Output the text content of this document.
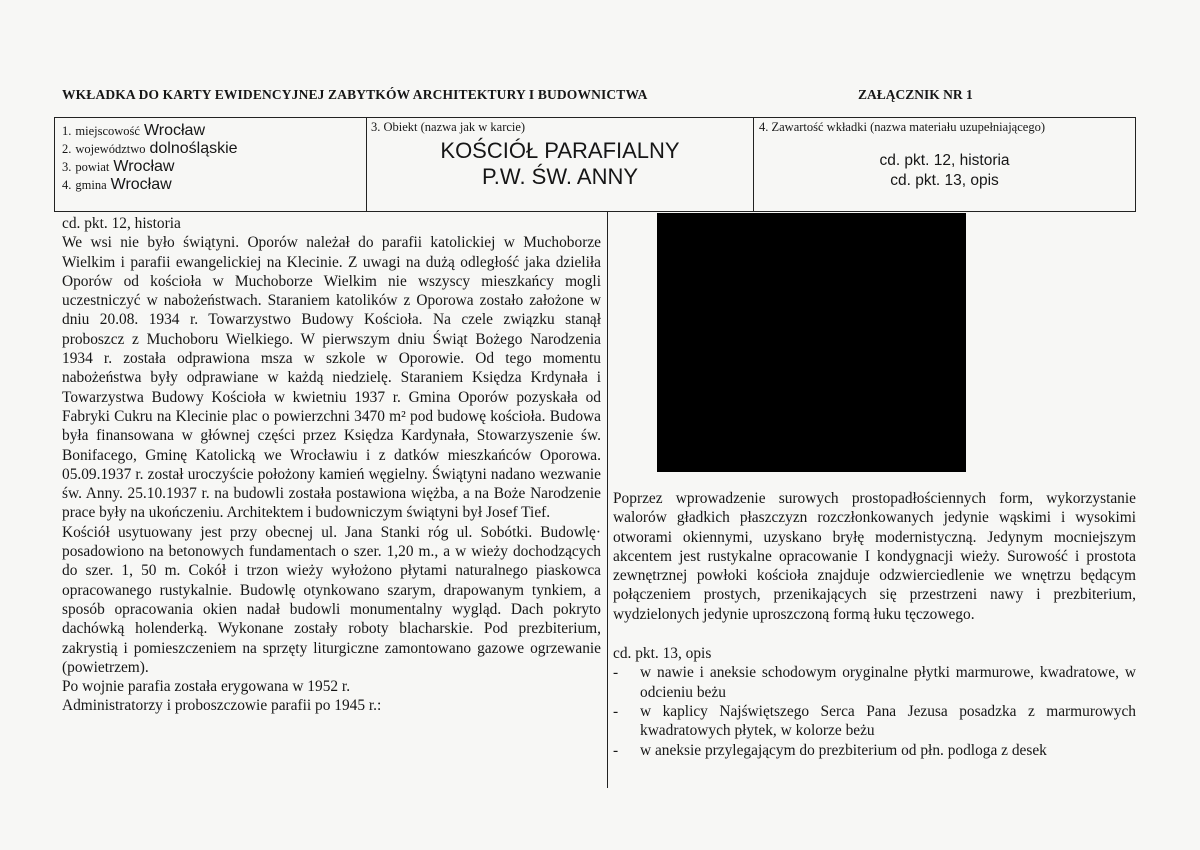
WKŁADKA DO KARTY EWIDENCYJNEJ ZABYTKÓW ARCHITEKTURY I BUDOWNICTWA	ZAŁĄCZNIK NR 1
1. miejscowość Wrocław
2. województwo dolnośląskie
3. powiat Wrocław
4. gmina Wrocław
3. Obiekt (nazwa jak w karcie)
KOŚCIÓŁ PARAFIALNY
P.W. ŚW. ANNY
4. Zawartość wkładki (nazwa materiału uzupełniającego)
cd. pkt. 12, historia
cd. pkt. 13, opis

cd. pkt. 12, historia

We wsi nie było świątyni. Oporów należał do parafii katolickiej w Muchoborze Wielkim i parafii ewangelickiej na Klecinie. Z uwagi na dużą odległość jaka dzieliła Oporów od kościoła w Muchoborze Wielkim nie wszyscy mieszkańcy mogli uczestniczyć w nabożeństwach. Staraniem katolików z Oporowa zostało założone w dniu 20.08. 1934 r. Towarzystwo Budowy Kościoła. Na czele związku stanął proboszcz z Muchoboru Wielkiego. W pierwszym dniu Świąt Bożego Narodzenia 1934 r. została odprawiona msza w szkole w Oporowie. Od tego momentu nabożeństwa były odprawiane w każdą niedzielę. Staraniem Księdza Krdynała i Towarzystwa Budowy Kościoła w kwietniu 1937 r. Gmina Oporów pozyskała od Fabryki Cukru na Klecinie plac o powierzchni 3470 m² pod budowę kościoła. Budowa była finansowana w głównej części przez Księdza Kardynała, Stowarzyszenie św. Bonifacego, Gminę Katolicką we Wrocławiu i z datków mieszkańców Oporowa. 05.09.1937 r. został uroczyście położony kamień węgielny. Świątyni nadano wezwanie św. Anny. 25.10.1937 r. na budowli została postawiona więżba, a na Boże Narodzenie prace były na ukończeniu. Architektem i budowniczym świątyni był Josef Tief.

Kościół usytuowany jest przy obecnej ul. Jana Stanki róg ul. Sobótki. Budowlę· posadowiono na betonowych fundamentach o szer. 1,20 m., a w wieży dochodzących do szer. 1, 50 m. Cokół i trzon wieży wyłożono płytami naturalnego piaskowca opracowanego rustykalnie. Budowlę otynkowano szarym, drapowanym tynkiem, a sposób opracowania okien nadał budowli monumentalny wygląd. Dach pokryto dachówką holenderką. Wykonane zostały roboty blacharskie. Pod prezbiterium, zakrystią i pomieszczeniem na sprzęty liturgiczne zamontowano gazowe ogrzewanie (powietrzem).

Po wojnie parafia została erygowana w 1952 r.

Administratorzy i proboszczowie parafii po 1945 r.:

Poprzez wprowadzenie surowych prostopadłościennych form, wykorzystanie walorów gładkich płaszczyzn rozczłonkowanych jedynie wąskimi i wysokimi otworami okiennymi, uzyskano bryłę modernistyczną. Jedynym mocniejszym akcentem jest rustykalne opracowanie I kondygnacji wieży. Surowość i prostota zewnętrznej powłoki kościoła znajduje odzwierciedlenie we wnętrzu będącym połączeniem prostych, przenikających się przestrzeni nawy i prezbiterium, wydzielonych jedynie uproszczoną formą łuku tęczowego.

cd. pkt. 13, opis

- w nawie i aneksie schodowym oryginalne płytki marmurowe, kwadratowe, w odcieniu beżu
- w kaplicy Najświętszego Serca Pana Jezusa posadzka z marmurowych kwadratowych płytek, w kolorze beżu
- w aneksie przylegającym do prezbiterium od płn. podloga z desek
